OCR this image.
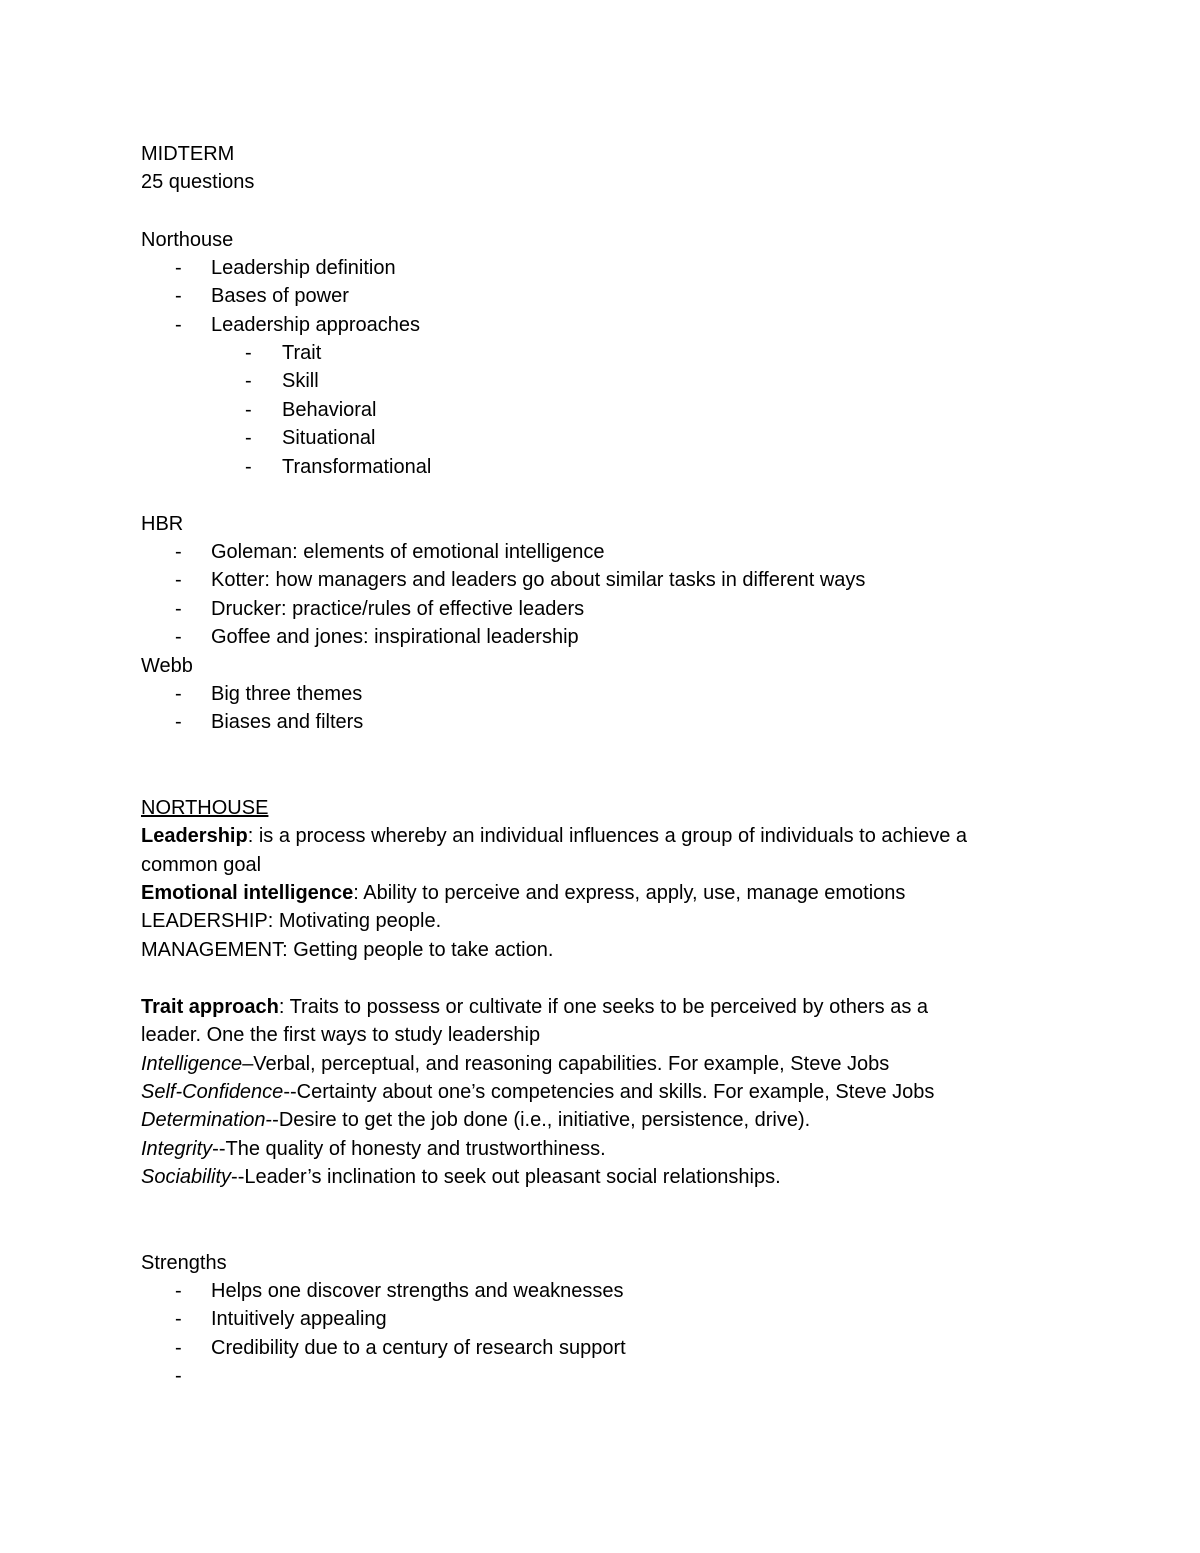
MIDTERM
25 questions
Northouse
- Leadership definition
- Bases of power
- Leadership approaches
- Trait
- Skill
- Behavioral
- Situational
- Transformational
HBR
- Goleman: elements of emotional intelligence
- Kotter: how managers and leaders go about similar tasks in different ways
- Drucker: practice/rules of effective leaders
- Goffee and jones: inspirational leadership
Webb
- Big three themes
- Biases and filters
NORTHOUSE
Leadership: is a process whereby an individual influences a group of individuals to achieve a
common goal
Emotional intelligence: Ability to perceive and express, apply, use, manage emotions
LEADERSHIP: Motivating people.
MANAGEMENT: Getting people to take action.
Trait approach: Traits to possess or cultivate if one seeks to be perceived by others as a
leader. One the first ways to study leadership
Intelligence–Verbal, perceptual, and reasoning capabilities. For example, Steve Jobs
Self-Confidence--Certainty about one’s competencies and skills. For example, Steve Jobs
Determination--Desire to get the job done (i.e., initiative, persistence, drive).
Integrity--The quality of honesty and trustworthiness.
Sociability--Leader’s inclination to seek out pleasant social relationships.
Strengths
- Helps one discover strengths and weaknesses
- Intuitively appealing
- Credibility due to a century of research support
-
